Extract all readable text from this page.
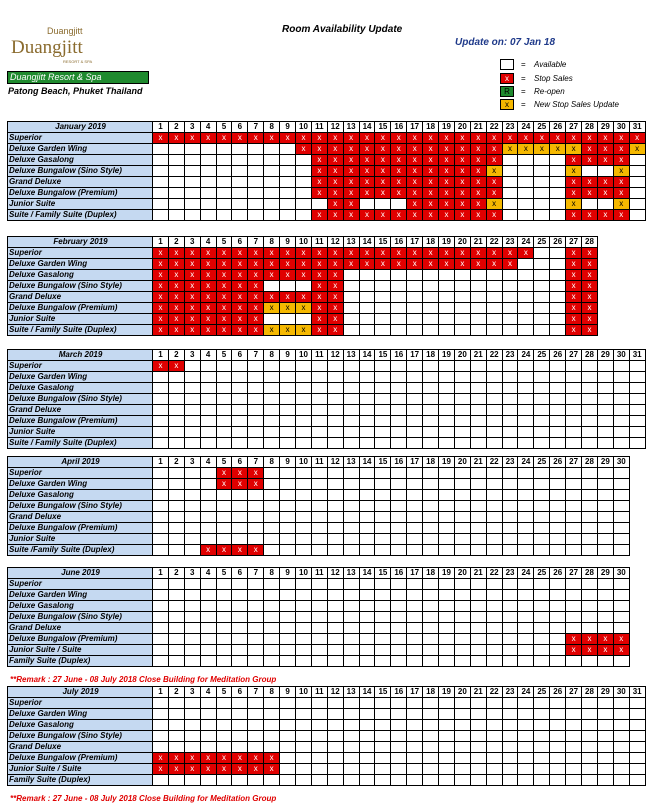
Room Availability Update
Update on: 07 Jan 18
Duangjitt
Duangjitt
RESORT & SPA
Duangjitt Resort & Spa
Patong Beach, Phuket Thailand
= Available
x	= Stop Sales
R	= Re-open
x	= New Stop Sales Update
January 2019	1	2	3	4	5	6	7	8	9	10	11	12	13	14	15	16	17	18	19	20	21	22	23	24	25	26	27	28	29	30	31
Superior	x	x	x	x	x	x	x	x	x	x	x	x	x	x	x	x	x	x	x	x	x	x	x	x	x	x	x	x	x	x	x
Deluxe Garden Wing										x	x	x	x	x	x	x	x	x	x	x	x	x	x	x	x	x	x	x	x	x	x
Deluxe Gasalong											x	x	x	x	x	x	x	x	x	x	x	x					x	x	x	x	
Deluxe Bungalow (Sino Style)											x	x	x	x	x	x	x	x	x	x	x	x					x			x	
Grand Deluxe											x	x	x	x	x	x	x	x	x	x	x	x					x	x	x	x	
Deluxe Bungalow (Premium)											x	x	x	x	x	x	x	x	x	x	x	x					x	x	x	x	
Junior Suite												x	x				x	x	x	x	x	x					x			x	
Suite / Family Suite (Duplex)											x	x	x	x	x	x	x	x	x	x	x	x					x	x	x	x	
February 2019	1	2	3	4	5	6	7	8	9	10	11	12	13	14	15	16	17	18	19	20	21	22	23	24	25	26	27	28
Superior	x	x	x	x	x	x	x	x	x	x	x	x	x	x	x	x	x	x	x	x	x	x	x	x			x	x
Deluxe Garden Wing	x	x	x	x	x	x	x	x	x	x	x	x	x	x	x	x	x	x	x	x	x	x	x				x	x
Deluxe Gasalong	x	x	x	x	x	x	x	x	x	x	x	x															x	x
Deluxe Bungalow (Sino Style)	x	x	x	x	x	x	x				x	x															x	x
Grand Deluxe	x	x	x	x	x	x	x	x	x	x	x	x															x	x
Deluxe Bungalow (Premium)	x	x	x	x	x	x	x	x	x	x	x	x															x	x
Junior Suite	x	x	x	x	x	x	x				x	x															x	x
Suite / Family Suite (Duplex)	x	x	x	x	x	x	x	x	x	x	x	x															x	x
March 2019	1	2	3	4	5	6	7	8	9	10	11	12	13	14	15	16	17	18	19	20	21	22	23	24	25	26	27	28	29	30	31
Superior	x	x																													
Deluxe Garden Wing																															
Deluxe Gasalong																															
Deluxe Bungalow (Sino Style)																															
Grand Deluxe																															
Deluxe Bungalow (Premium)																															
Junior Suite																															
Suite / Family Suite (Duplex)																															
April 2019	1	2	3	4	5	6	7	8	9	10	11	12	13	14	15	16	17	18	19	20	21	22	23	24	25	26	27	28	29	30
Superior					x	x	x																							
Deluxe Garden Wing					x	x	x																							
Deluxe Gasalong																														
Deluxe Bungalow (Sino Style)																														
Grand Deluxe																														
Deluxe Bungalow (Premium)																														
Junior Suite																														
Suite /Family Suite (Duplex)				x	x	x	x																							
June 2019	1	2	3	4	5	6	7	8	9	10	11	12	13	14	15	16	17	18	19	20	21	22	23	24	25	26	27	28	29	30
Superior																														
Deluxe Garden Wing																														
Deluxe Gasalong																														
Deluxe Bungalow (Sino Style)																														
Grand Deluxe																														
Deluxe Bungalow (Premium)																											x	x	x	x
Junior Suite / Suite																											x	x	x	x
Family Suite (Duplex)																														
**Remark : 27 June - 08 July 2018 Close Building for Meditation Group
July 2019	1	2	3	4	5	6	7	8	9	10	11	12	13	14	15	16	17	18	19	20	21	22	23	24	25	26	27	28	29	30	31
Superior																															
Deluxe Garden Wing																															
Deluxe Gasalong																															
Deluxe Bungalow (Sino Style)																															
Grand Deluxe																															
Deluxe Bungalow (Premium)	x	x	x	x	x	x	x	x																							
Junior Suite / Suite	x	x	x	x	x	x	x	x																							
Family Suite (Duplex)																															
**Remark : 27 June - 08 July 2018 Close Building for Meditation Group
